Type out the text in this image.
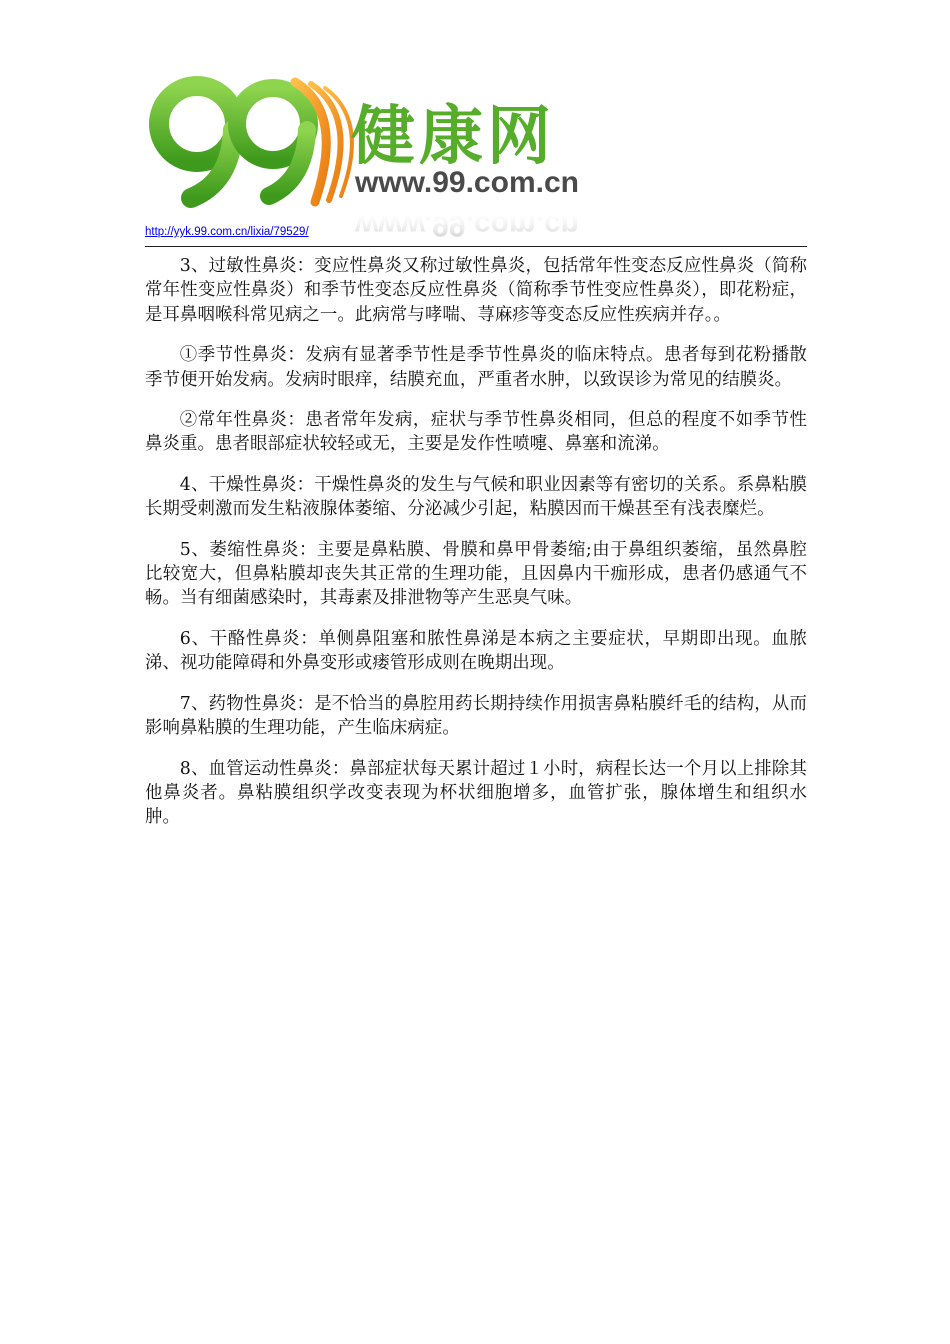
健康网
www.99.com.cn
www.99.com.cn
http://yyk.99.com.cn/lixia/79529/

3、过敏性鼻炎：变应性鼻炎又称过敏性鼻炎，包括常年性变态反应性鼻炎（简称常年性变应性鼻炎）和季节性变态反应性鼻炎（简称季节性变应性鼻炎），即花粉症，是耳鼻咽喉科常见病之一。此病常与哮喘、荨麻疹等变态反应性疾病并存。。

①季节性鼻炎：发病有显著季节性是季节性鼻炎的临床特点。患者每到花粉播散季节便开始发病。发病时眼痒，结膜充血，严重者水肿，以致误诊为常见的结膜炎。

②常年性鼻炎：患者常年发病，症状与季节性鼻炎相同，但总的程度不如季节性鼻炎重。患者眼部症状较轻或无，主要是发作性喷嚏、鼻塞和流涕。

4、干燥性鼻炎：干燥性鼻炎的发生与气候和职业因素等有密切的关系。系鼻粘膜长期受刺激而发生粘液腺体萎缩、分泌减少引起，粘膜因而干燥甚至有浅表糜烂。

5、萎缩性鼻炎：主要是鼻粘膜、骨膜和鼻甲骨萎缩;由于鼻组织萎缩，虽然鼻腔比较宽大，但鼻粘膜却丧失其正常的生理功能，且因鼻内干痂形成，患者仍感通气不畅。当有细菌感染时，其毒素及排泄物等产生恶臭气味。

6、干酪性鼻炎：单侧鼻阻塞和脓性鼻涕是本病之主要症状，早期即出现。血脓涕、视功能障碍和外鼻变形或瘘管形成则在晚期出现。

7、药物性鼻炎：是不恰当的鼻腔用药长期持续作用损害鼻粘膜纤毛的结构，从而影响鼻粘膜的生理功能，产生临床病症。

8、血管运动性鼻炎：鼻部症状每天累计超过１小时，病程长达一个月以上排除其他鼻炎者。鼻粘膜组织学改变表现为杯状细胞增多，血管扩张，腺体增生和组织水肿。
